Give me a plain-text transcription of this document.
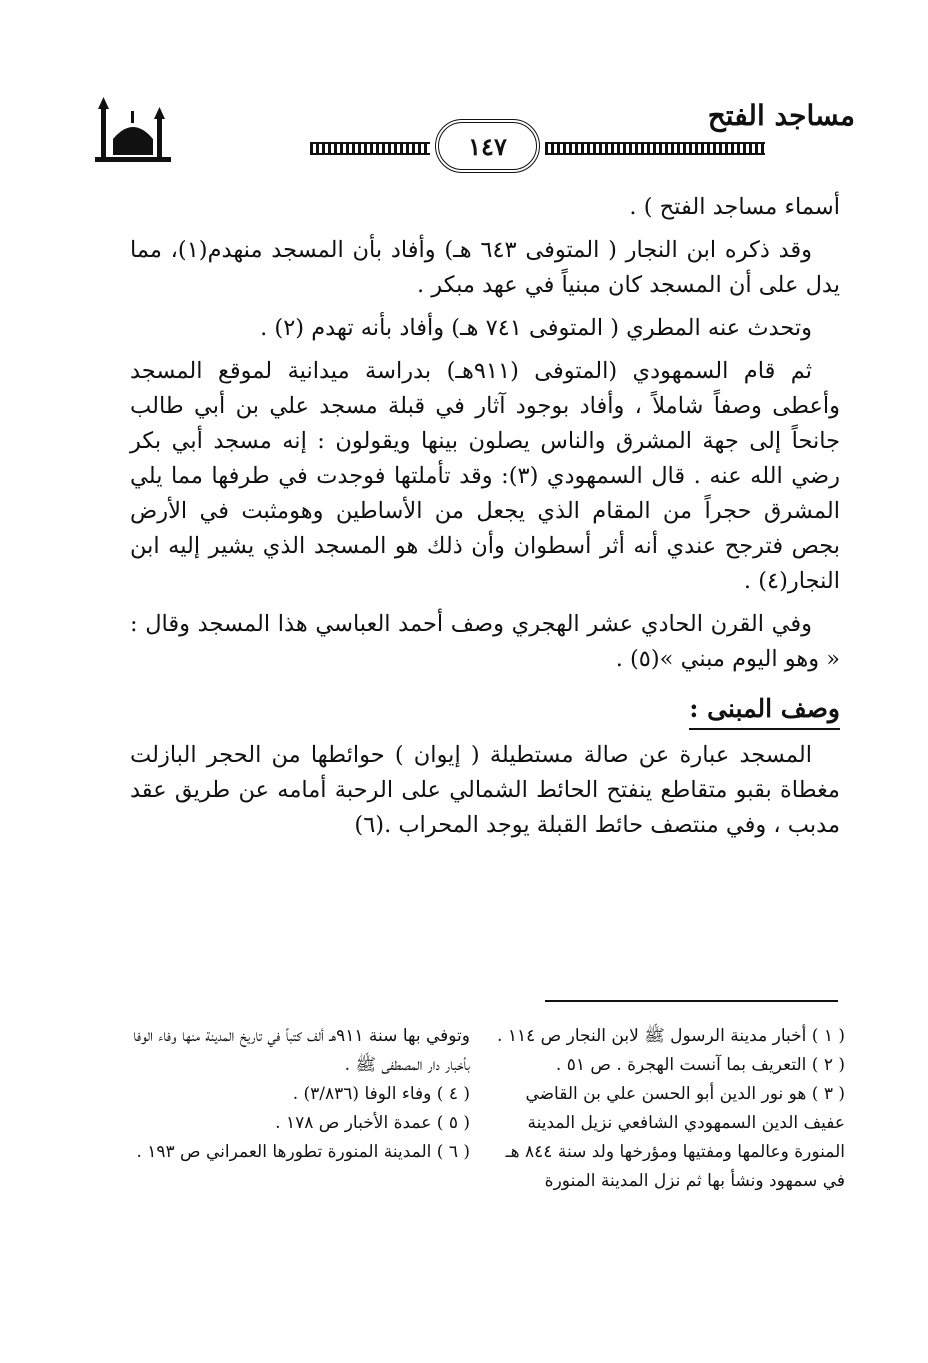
١٤٧
مساجد الفتح

أسماء مساجد الفتح ) .

وقد ذكره ابن النجار ( المتوفى ٦٤٣ هـ) وأفاد بأن المسجد منهدم(١)، مما يدل على أن المسجد كان مبنياً في عهد مبكر .

وتحدث عنه المطري ( المتوفى ٧٤١ هـ) وأفاد بأنه تهدم (٢) .

ثم قام السمهودي (المتوفى (٩١١هـ) بدراسة ميدانية لموقع المسجد وأعطى وصفاً شاملاً ، وأفاد بوجود آثار في قبلة مسجد علي بن أبي طالب جانحاً إلى جهة المشرق والناس يصلون بينها ويقولون : إنه مسجد أبي بكر رضي الله عنه . قال السمهودي (٣): وقد تأملتها فوجدت في طرفها مما يلي المشرق حجراً من المقام الذي يجعل من الأساطين وهومثبت في الأرض بجص فترجح عندي أنه أثر أسطوان وأن ذلك هو المسجد الذي يشير إليه ابن النجار(٤) .

وفي القرن الحادي عشر الهجري وصف أحمد العباسي هذا المسجد وقال : « وهو اليوم مبني »(٥) .

وصف المبنى :

المسجد عبارة عن صالة مستطيلة ( إيوان ) حوائطها من الحجر البازلت مغطاة بقبو متقاطع ينفتح الحائط الشمالي على الرحبة أمامه عن طريق عقد مدبب ، وفي منتصف حائط القبلة يوجد المحراب .(٦)

( ١ ) أخبار مدينة الرسول ﷺ لابن النجار ص ١١٤ .

( ٢ ) التعريف بما آنست الهجرة . ص ٥١ .

( ٣ ) هو نور الدين أبو الحسن علي بن القاضي عفيف الدين السمهودي الشافعي نزيل المدينة المنورة وعالمها ومفتيها ومؤرخها ولد سنة ٨٤٤ هـ في سمهود ونشأ بها ثم نزل المدينة المنورة

وتوفي بها سنة ٩١١هـ ألف كتباً في تاريخ المدينة منها وفاء الوفا بأخبار دار المصطفى ﷺ .

( ٤ ) وفاء الوفا (٣/٨٣٦) .

( ٥ ) عمدة الأخبار ص ١٧٨ .

( ٦ ) المدينة المنورة تطورها العمراني ص ١٩٣ .
